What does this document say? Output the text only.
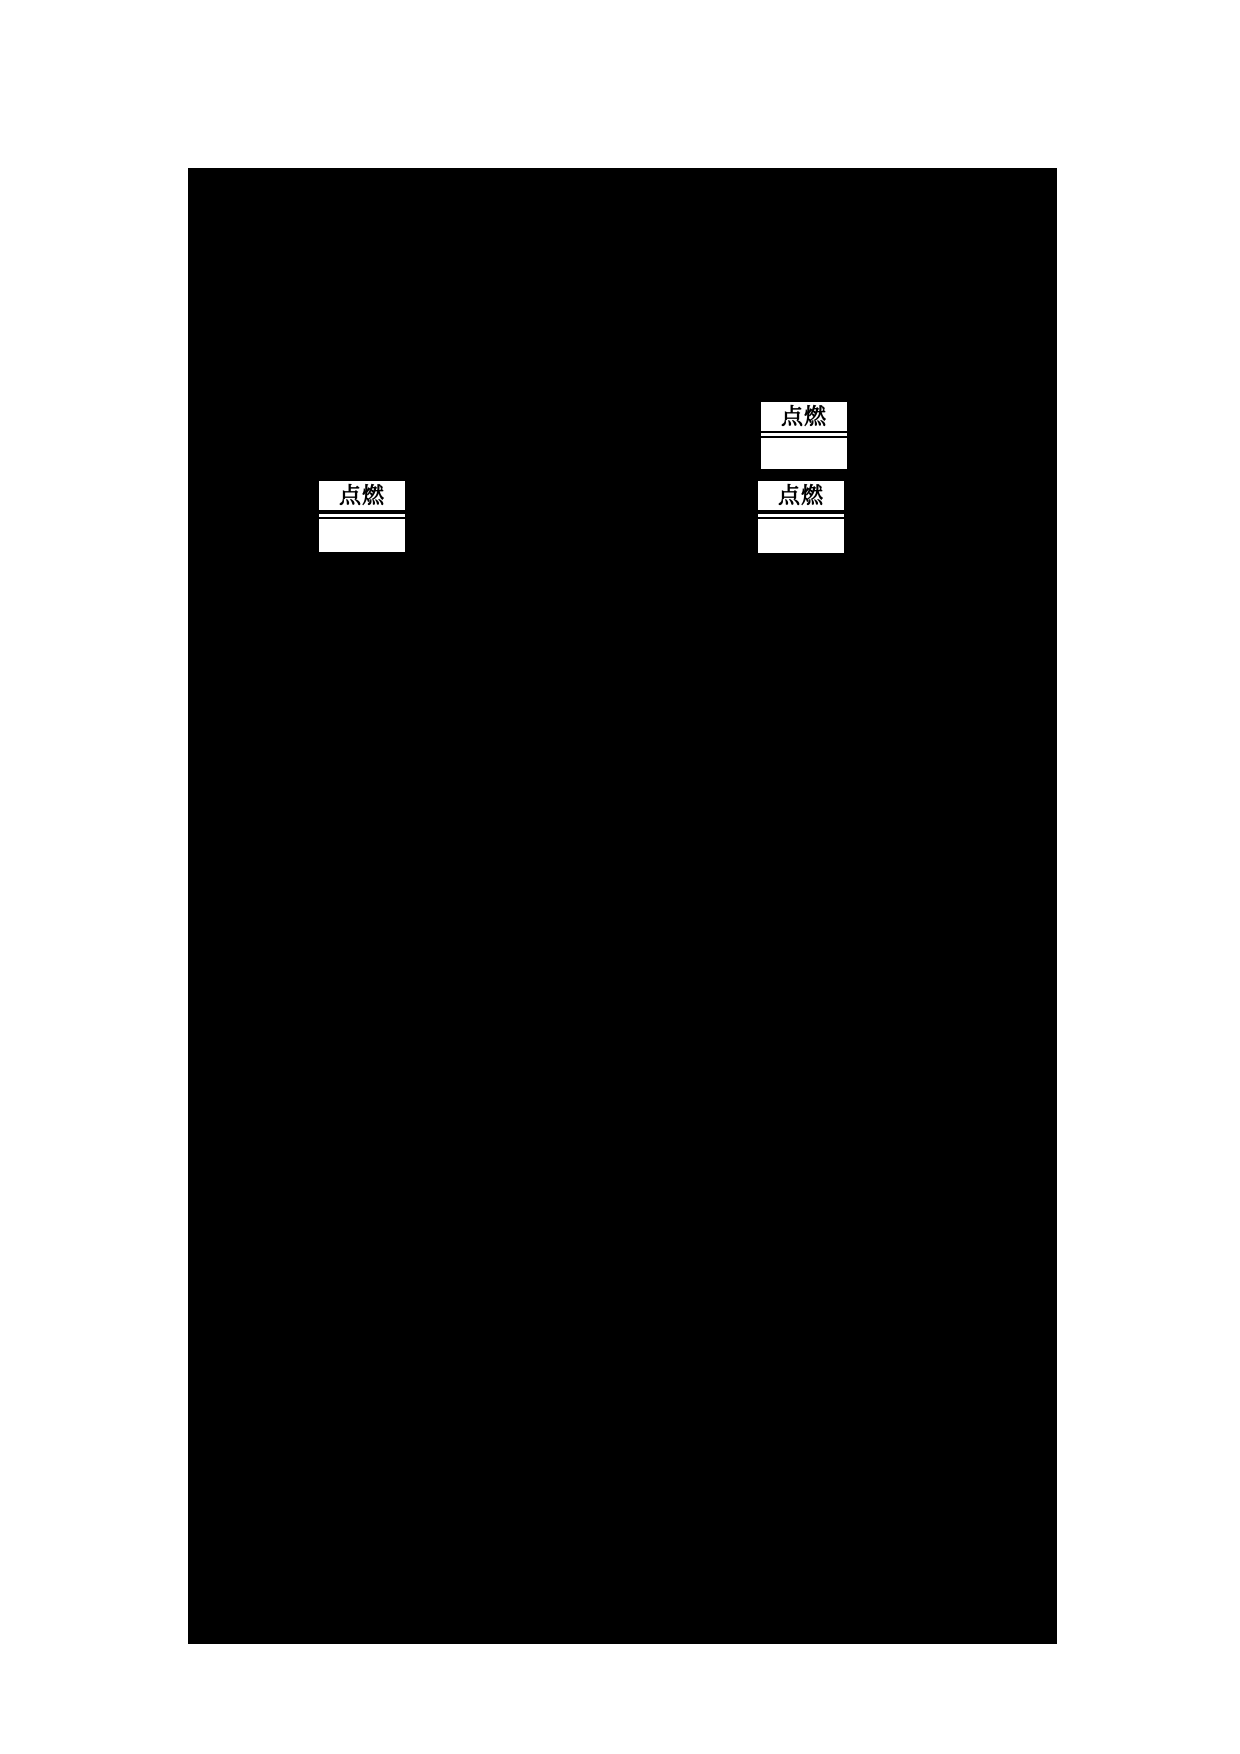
点燃
点燃	点燃
